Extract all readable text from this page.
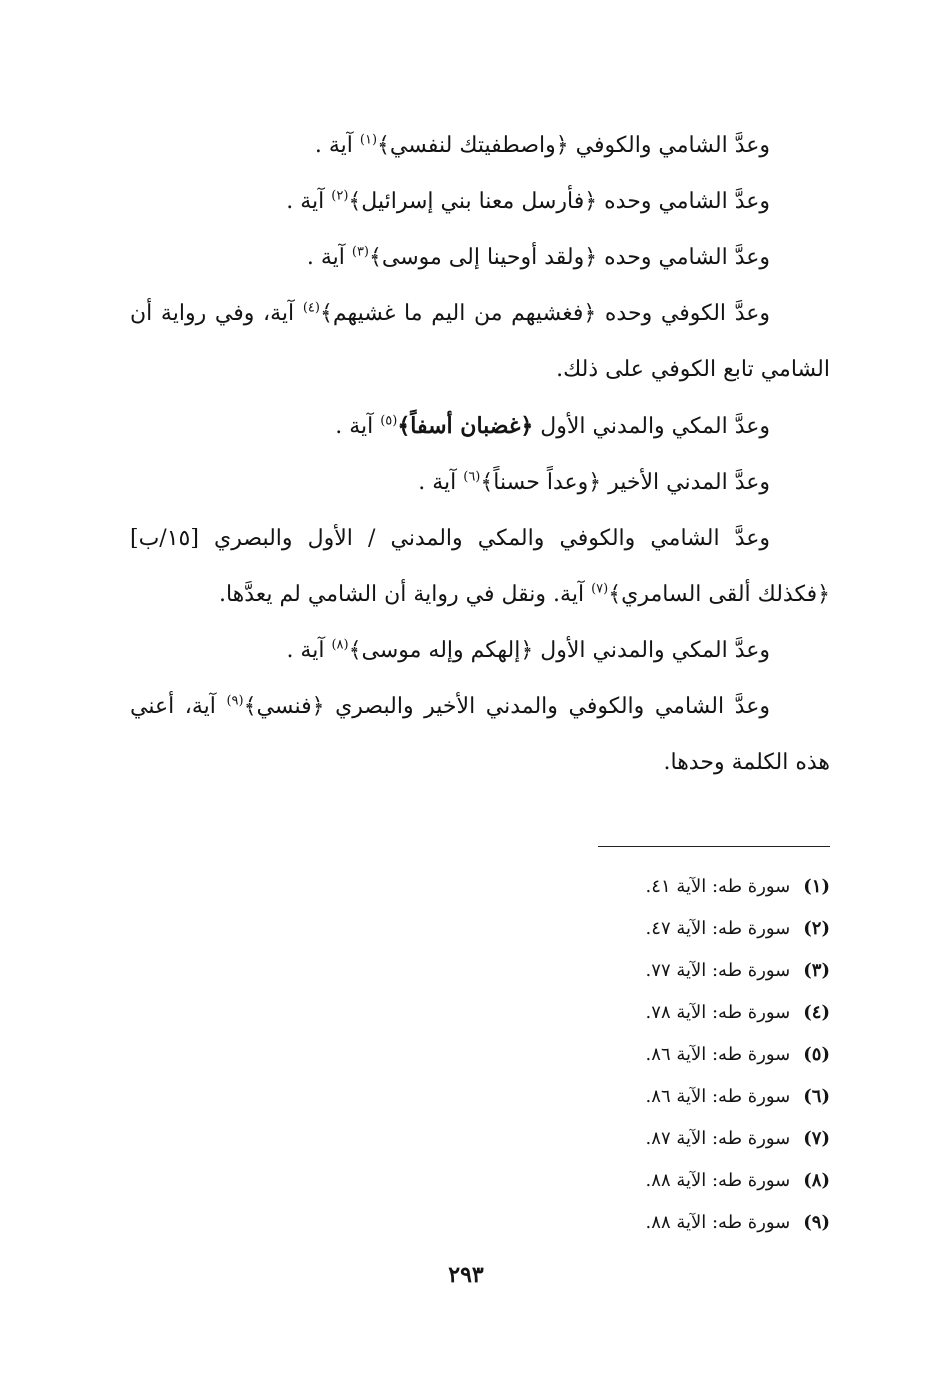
وعدَّ الشامي والكوفي ﴿واصطفيتك لنفسي﴾$^{(١)}$ آية .

وعدَّ الشامي وحده ﴿فأرسل معنا بني إسرائيل﴾$^{(٢)}$ آية .

وعدَّ الشامي وحده ﴿ولقد أوحينا إلى موسى﴾$^{(٣)}$ آية .

وعدَّ الكوفي وحده ﴿فغشيهم من اليم ما غشيهم﴾$^{(٤)}$ آية، وفي رواية أن الشامي تابع الكوفي على ذلك.

وعدَّ المكي والمدني الأول ﴿غضبان أسفاً﴾$^{(٥)}$ آية .

وعدَّ المدني الأخير ﴿وعداً حسناً﴾$^{(٦)}$ آية .

وعدَّ الشامي والكوفي والمكي والمدني / الأول والبصري [١٥/ب] ﴿فكذلك ألقى السامري﴾$^{(٧)}$ آية. ونقل في رواية أن الشامي لم يعدَّها.

وعدَّ المكي والمدني الأول ﴿إلهكم وإله موسى﴾$^{(٨)}$ آية .

وعدَّ الشامي والكوفي والمدني الأخير والبصري ﴿فنسي﴾$^{(٩)}$ آية، أعني هذه الكلمة وحدها.

(١) سورة طه: الآية ٤١.
(٢) سورة طه: الآية ٤٧.
(٣) سورة طه: الآية ٧٧.
(٤) سورة طه: الآية ٧٨.
(٥) سورة طه: الآية ٨٦.
(٦) سورة طه: الآية ٨٦.
(٧) سورة طه: الآية ٨٧.
(٨) سورة طه: الآية ٨٨.
(٩) سورة طه: الآية ٨٨.
٢٩٣
